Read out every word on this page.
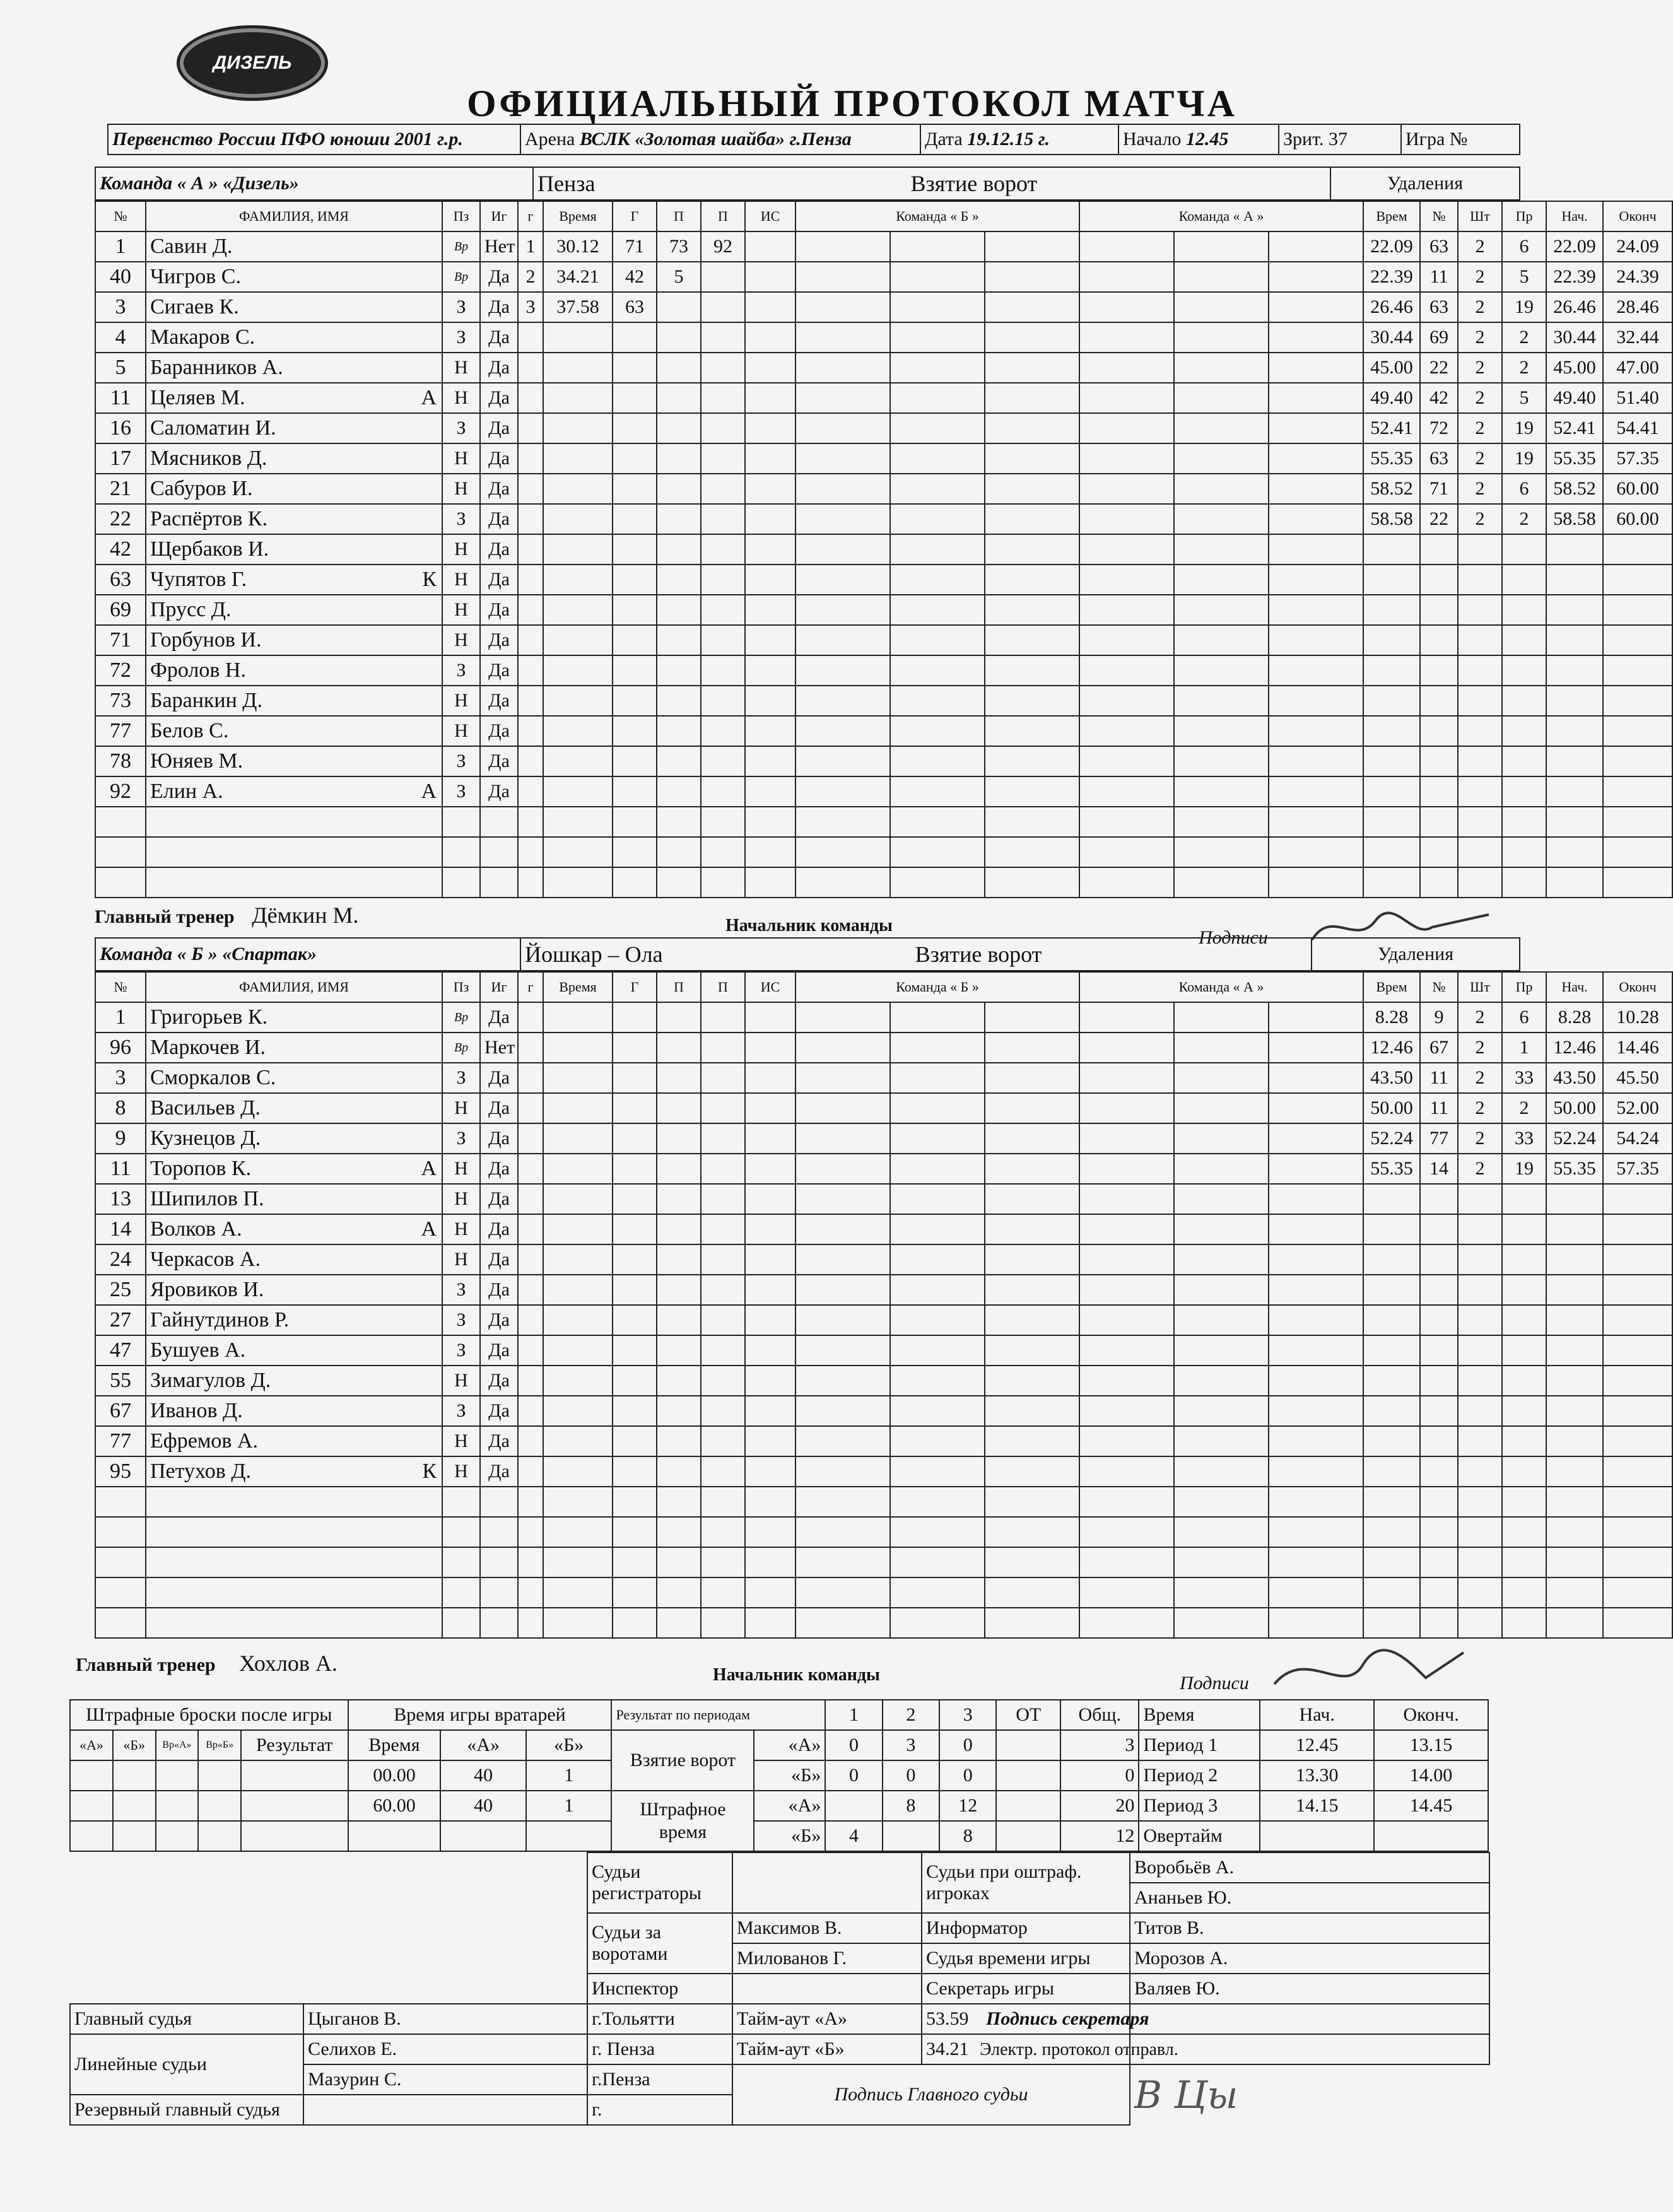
ДИЗЕЛЬ
ОФИЦИАЛЬНЫЙ ПРОТОКОЛ МАТЧА
Первенство России ПФО юноши 2001 г.р.	Арена ВСЛК «Золотая шайба» г.Пенза	Дата 19.12.15 г.	Начало 12.45	Зрит. 37	Игра №
Команда « А » «Дизель»	Пенза	Взятие ворот	Удаления
№	ФАМИЛИЯ, ИМЯ	Пз	Иг	г	Время	Г	П	П	ИС	Команда « Б »			Команда « А »			Врем	№	Шт	Пр	Нач.	Оконч
1	Савин Д.	Вр	Нет	1	30.12	71	73	92								22.09	63	2	6	22.09	24.09
40	Чигров С.	Вр	Да	2	34.21	42	5									22.39	11	2	5	22.39	24.39
3	Сигаев К.	З	Да	3	37.58	63										26.46	63	2	19	26.46	28.46
4	Макаров С.	З	Да													30.44	69	2	2	30.44	32.44
5	Баранников А.	Н	Да													45.00	22	2	2	45.00	47.00
11	Целяев М. А	Н	Да													49.40	42	2	5	49.40	51.40
16	Саломатин И.	З	Да													52.41	72	2	19	52.41	54.41
17	Мясников Д.	Н	Да													55.35	63	2	19	55.35	57.35
21	Сабуров И.	Н	Да													58.52	71	2	6	58.52	60.00
22	Распёртов К.	З	Да													58.58	22	2	2	58.58	60.00
42	Щербаков И.	Н	Да																		
63	Чупятов Г. К	Н	Да																		
69	Прусс Д.	Н	Да																		
71	Горбунов И.	Н	Да																		
72	Фролов Н.	З	Да																		
73	Баранкин Д.	Н	Да																		
77	Белов С.	Н	Да																		
78	Юняев М.	З	Да																		
92	Елин А. А	З	Да																		

Главный тренер Дёмкин М.	Начальник команды
Подписи
Команда « Б » «Спартак»	Йошкар – Ола	Взятие ворот	Удаления
№	ФАМИЛИЯ, ИМЯ	Пз	Иг	г	Время	Г	П	П	ИС	Команда « Б »			Команда « А »			Врем	№	Шт	Пр	Нач.	Оконч
1	Григорьев К.	Вр	Да													8.28	9	2	6	8.28	10.28
96	Маркочев И.	Вр	Нет													12.46	67	2	1	12.46	14.46
3	Сморкалов С.	З	Да													43.50	11	2	33	43.50	45.50
8	Васильев Д.	Н	Да													50.00	11	2	2	50.00	52.00
9	Кузнецов Д.	З	Да													52.24	77	2	33	52.24	54.24
11	Торопов К. А	Н	Да													55.35	14	2	19	55.35	57.35
13	Шипилов П.	Н	Да																		
14	Волков А. А	Н	Да																		
24	Черкасов А.	Н	Да																		
25	Яровиков И.	З	Да																		
27	Гайнутдинов Р.	З	Да																		
47	Бушуев А.	З	Да																		
55	Зимагулов Д.	Н	Да																		
67	Иванов Д.	З	Да																		
77	Ефремов А.	Н	Да																		
95	Петухов Д. К	Н	Да																		

Главный тренер Хохлов А.	Начальник команды	Подписи
Штрафные броски после игры					Время игры вратарей			Результат по периодам		1	2	3	ОТ	Общ.	Время	Нач.	Оконч.
«А»	«Б»	Вр«А»	Вр«Б»	Результат	Время	«А»	«Б»	Взятие ворот	«А»	0	3	0		3	Период 1	12.45	13.15
					00.00	40	1		«Б»	0	0	0		0	Период 2	13.30	14.00
					60.00	40	1	Штрафное время	«А»		8	12		20	Период 3	14.15	14.45
									«Б»	4		8		12	Овертайм		
		Судьи регистраторы		Судьи при оштраф. игроках	Воробьёв А.
					Ананьев Ю.
		Судьи за воротами	Максимов В.	Информатор	Титов В.
			Милованов Г.	Судья времени игры	Морозов А.
		Инспектор		Секретарь игры	Валяев Ю.
Главный судья	Цыганов В.	г.Тольятти	Тайм-аут «А»	53.59 Подпись секретаря	
Линейные судьи	Селихов Е.	г. Пенза	Тайм-аут «Б»	34.21 Электр. протокол отправл.	
	Мазурин С.	г.Пенза	Подпись Главного судьи		В Цы
Резервный главный судья		г.			
